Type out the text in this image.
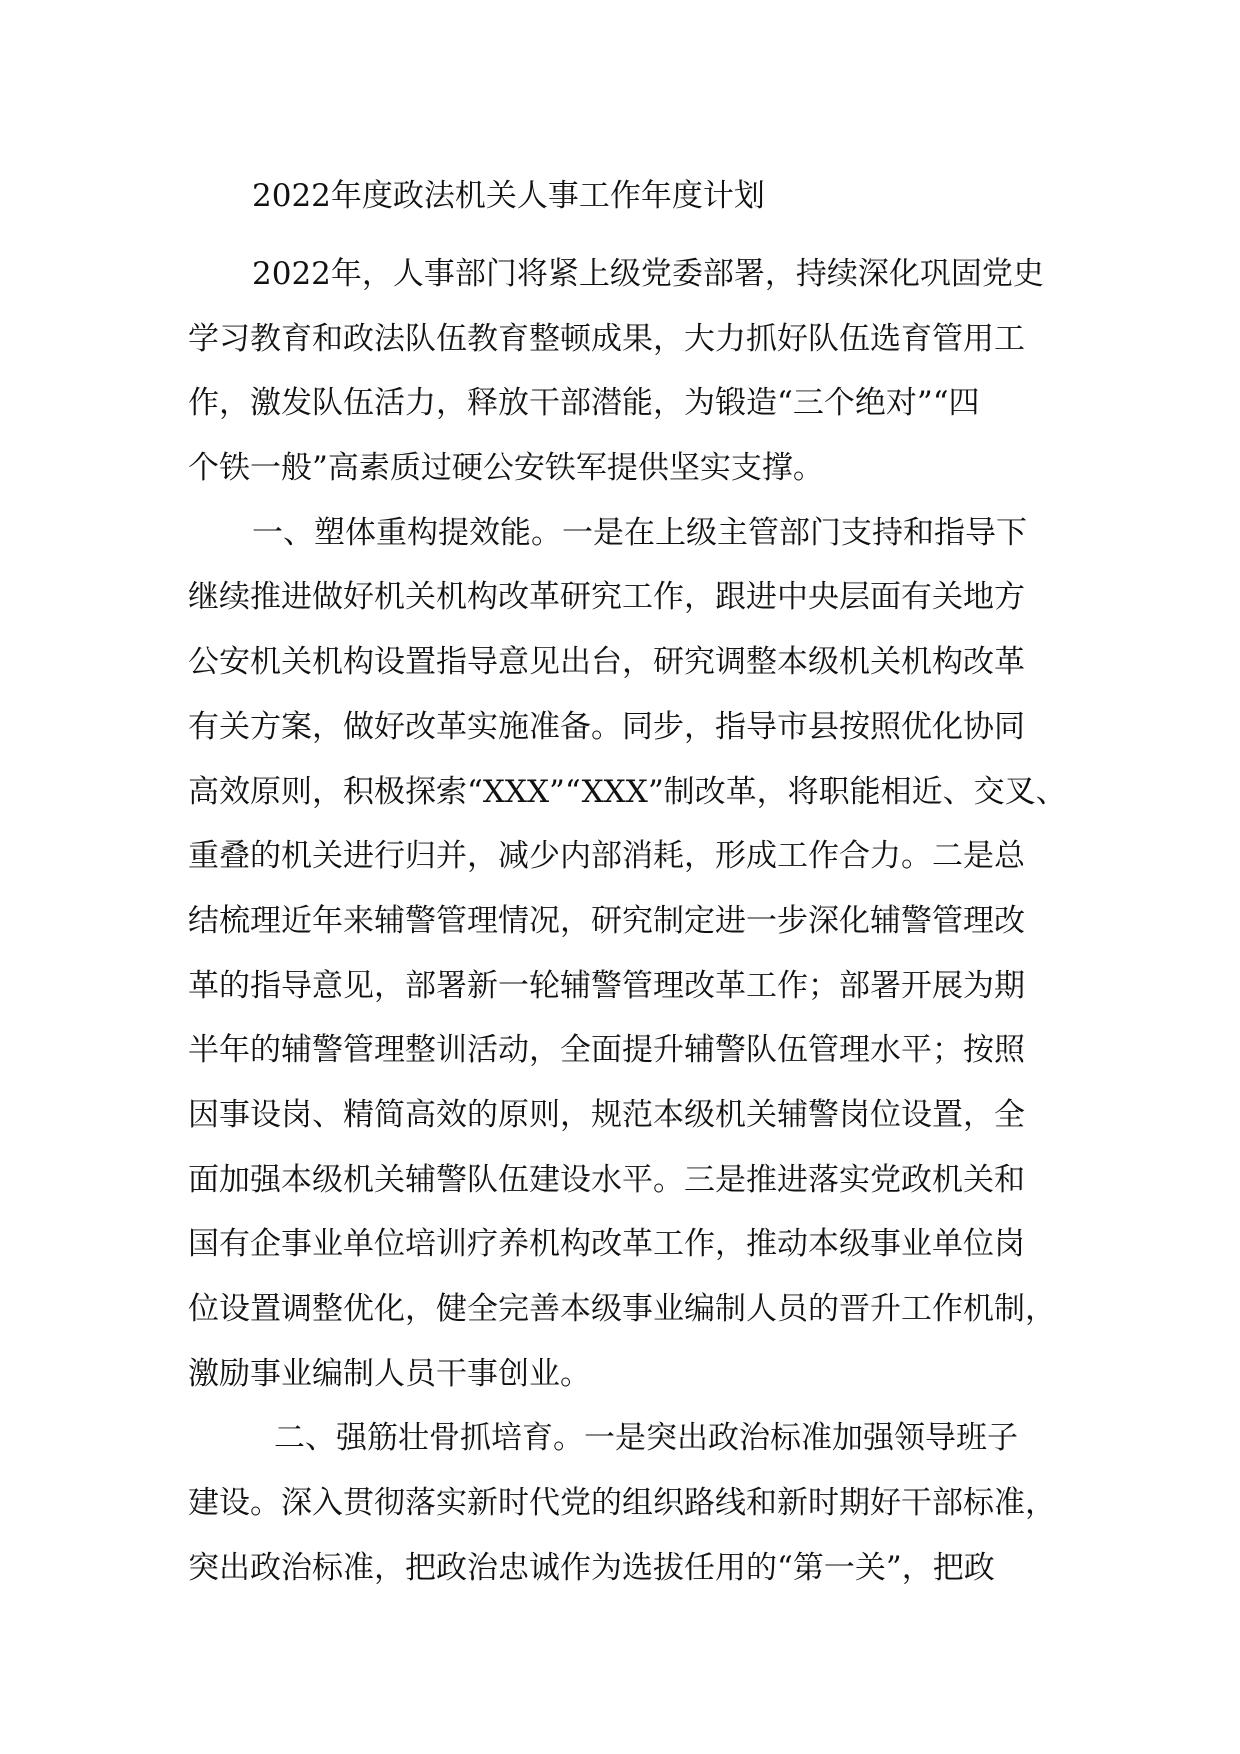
2022年度政法机关人事工作年度计划
2022年，人事部门将紧上级党委部署，持续深化巩固党史
学习教育和政法队伍教育整顿成果，大力抓好队伍选育管用工
作，激发队伍活力，释放干部潜能，为锻造“三个绝对”“四
个铁一般”高素质过硬公安铁军提供坚实支撑。
一、塑体重构提效能。一是在上级主管部门支持和指导下
继续推进做好机关机构改革研究工作，跟进中央层面有关地方
公安机关机构设置指导意见出台，研究调整本级机关机构改革
有关方案，做好改革实施准备。同步，指导市县按照优化协同
高效原则，积极探索“XXX”“XXX”制改革，将职能相近、交叉、
重叠的机关进行归并，减少内部消耗，形成工作合力。二是总
结梳理近年来辅警管理情况，研究制定进一步深化辅警管理改
革的指导意见，部署新一轮辅警管理改革工作；部署开展为期
半年的辅警管理整训活动，全面提升辅警队伍管理水平；按照
因事设岗、精简高效的原则，规范本级机关辅警岗位设置，全
面加强本级机关辅警队伍建设水平。三是推进落实党政机关和
国有企事业单位培训疗养机构改革工作，推动本级事业单位岗
位设置调整优化，健全完善本级事业编制人员的晋升工作机制，
激励事业编制人员干事创业。
二、强筋壮骨抓培育。一是突出政治标准加强领导班子
建设。深入贯彻落实新时代党的组织路线和新时期好干部标准，
突出政治标准，把政治忠诚作为选拔任用的“第一关”，把政
